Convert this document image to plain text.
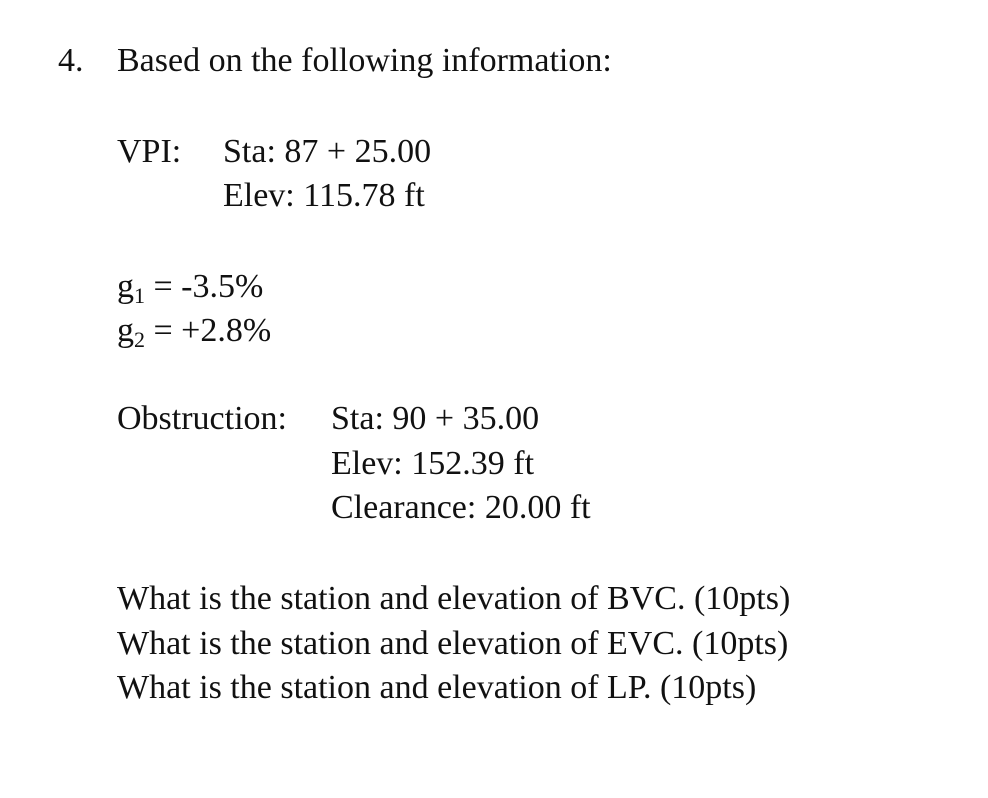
4. Based on the following information:
VPI: Sta: 87 + 25.00
Elev: 115.78 ft
g1 = -3.5%
g2 = +2.8%
Obstruction: Sta: 90 + 35.00
Elev: 152.39 ft
Clearance: 20.00 ft
What is the station and elevation of BVC. (10pts)
What is the station and elevation of EVC. (10pts)
What is the station and elevation of LP. (10pts)
